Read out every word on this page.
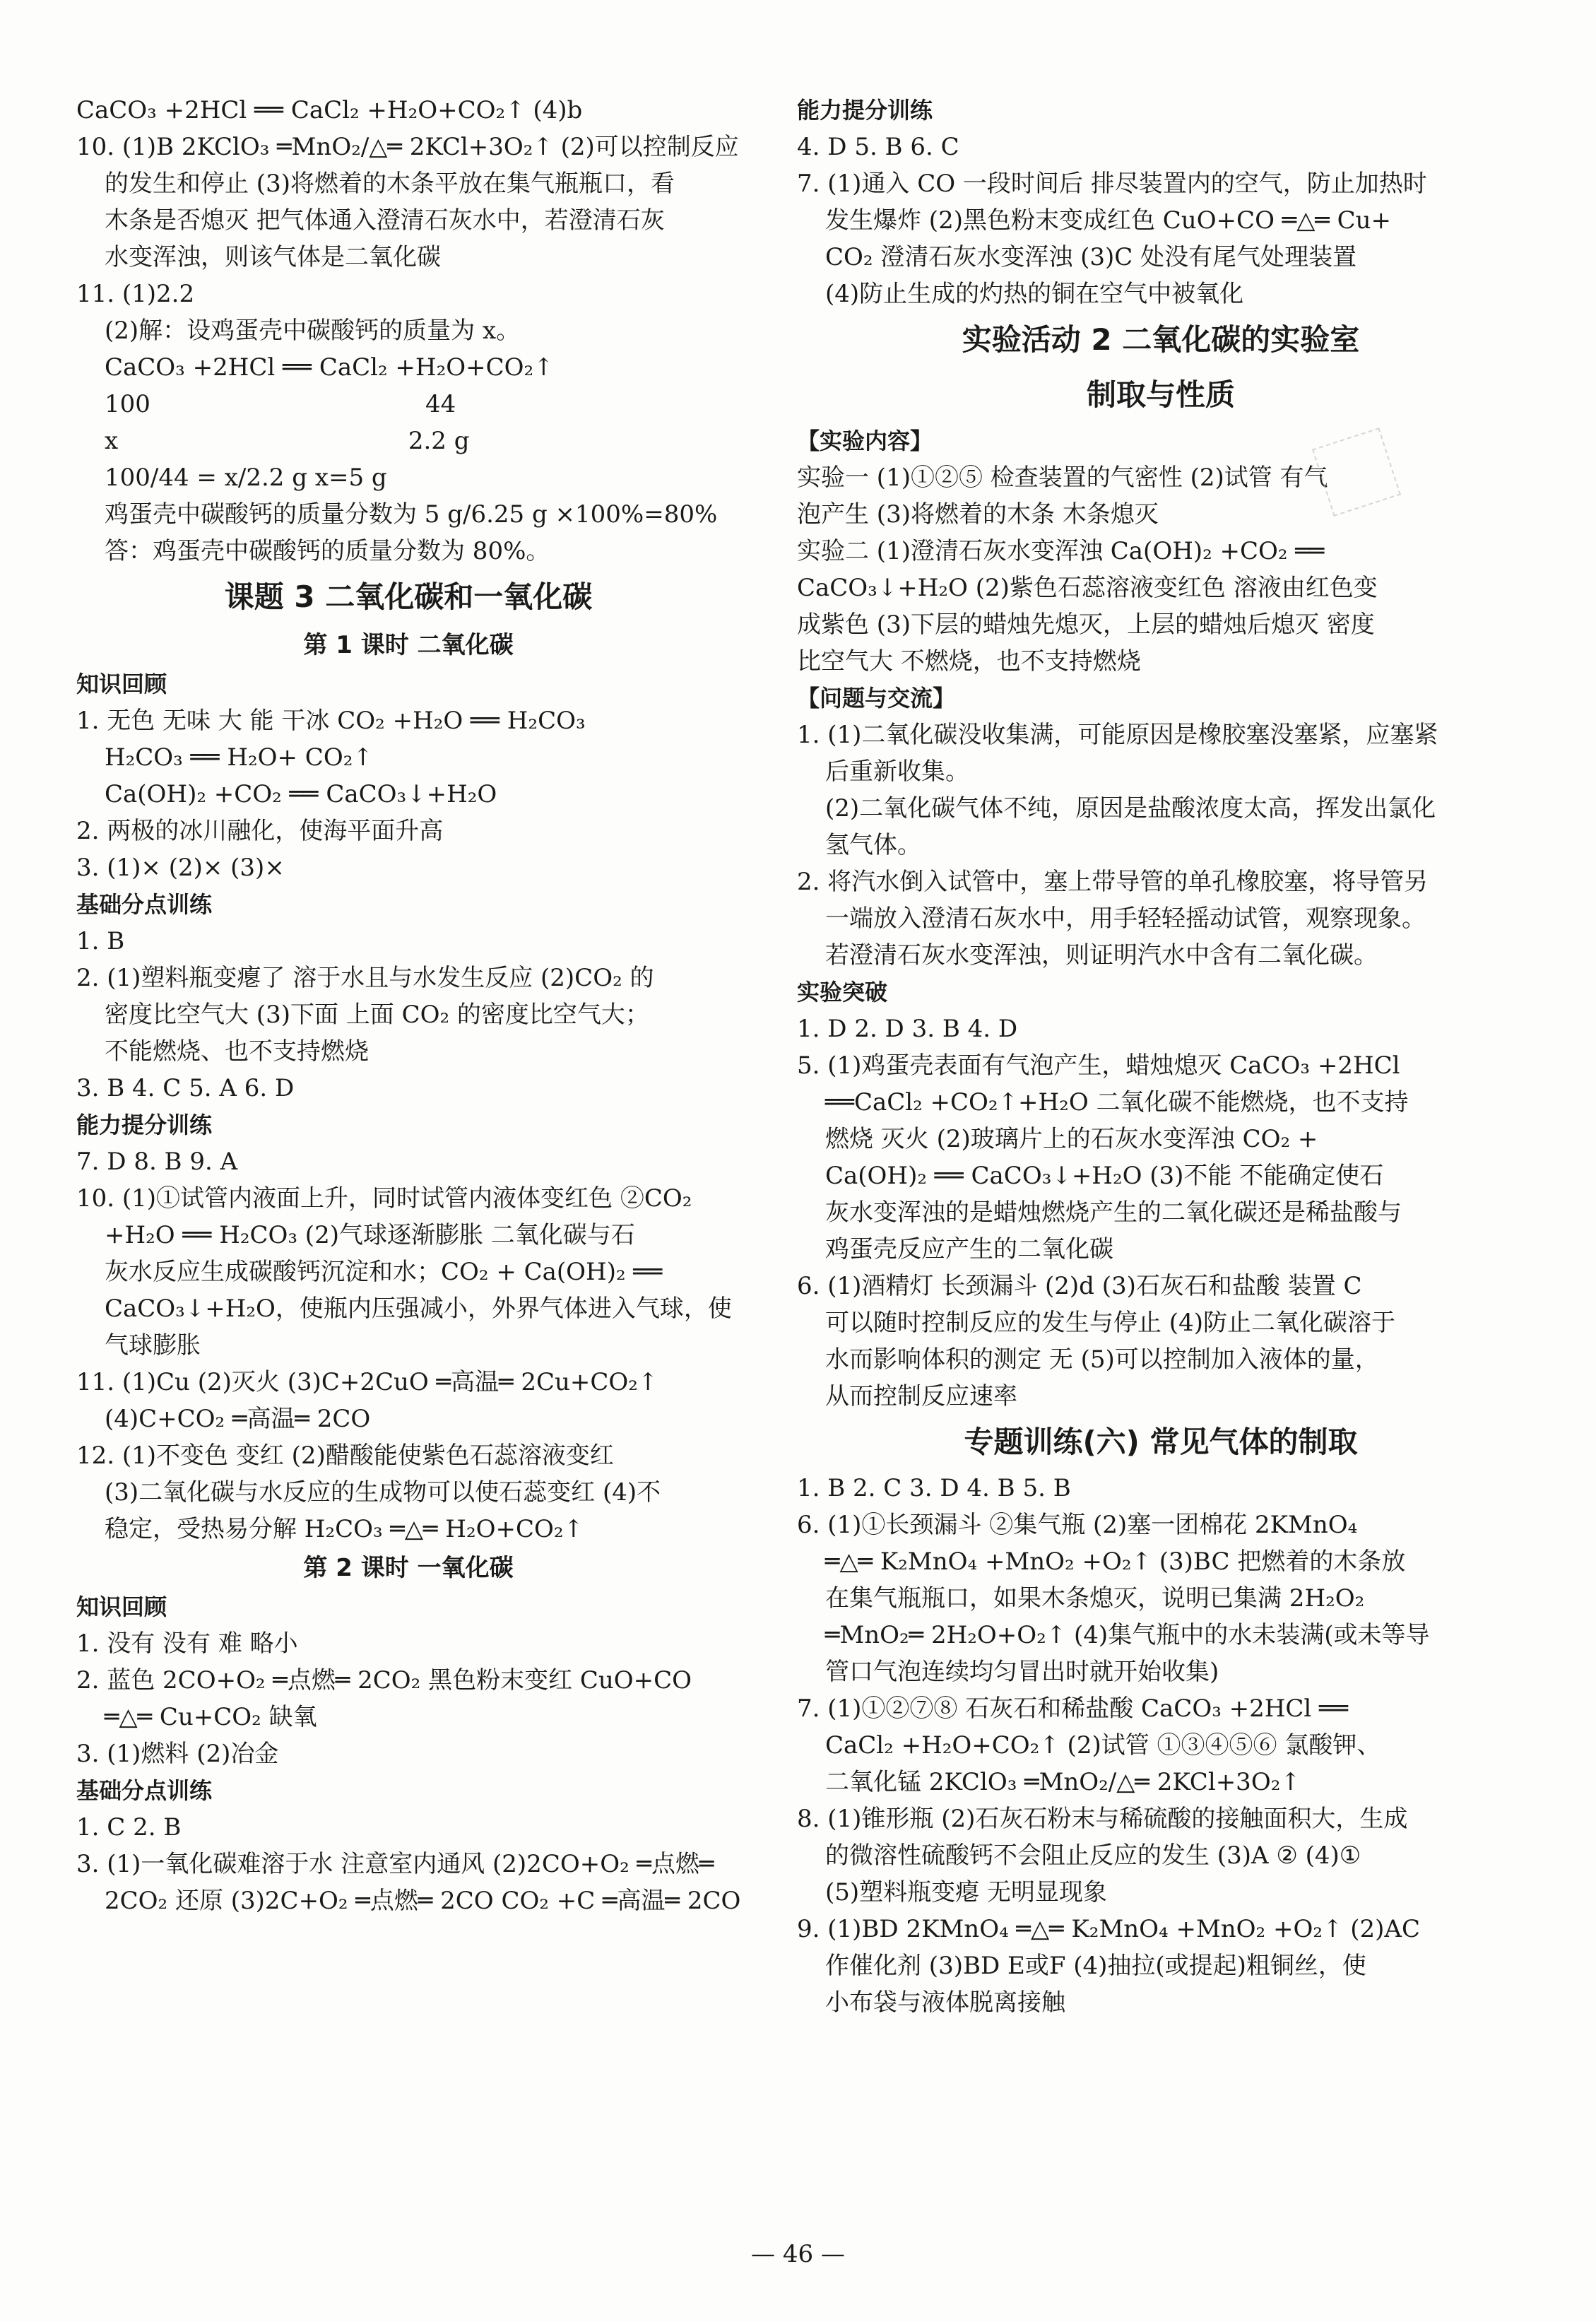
CaCO₃ +2HCl ══ CaCl₂ +H₂O+CO₂↑ (4)b
10. (1)B 2KClO₃ ═MnO₂/△═ 2KCl+3O₂↑ (2)可以控制反应
的发生和停止 (3)将燃着的木条平放在集气瓶瓶口，看
木条是否熄灭 把气体通入澄清石灰水中，若澄清石灰
水变浑浊，则该气体是二氧化碳
11. (1)2.2
(2)解：设鸡蛋壳中碳酸钙的质量为 x。
CaCO₃ +2HCl ══ CaCl₂ +H₂O+CO₂↑
100                                    44
x                                      2.2 g
100/44 = x/2.2 g x=5 g
鸡蛋壳中碳酸钙的质量分数为 5 g/6.25 g ×100%=80%
答：鸡蛋壳中碳酸钙的质量分数为 80%。
课题 3 二氧化碳和一氧化碳
第 1 课时 二氧化碳
知识回顾
1. 无色 无味 大 能 干冰 CO₂ +H₂O ══ H₂CO₃
H₂CO₃ ══ H₂O+ CO₂↑
Ca(OH)₂ +CO₂ ══ CaCO₃↓+H₂O
2. 两极的冰川融化，使海平面升高
3. (1)× (2)× (3)×
基础分点训练
1. B
2. (1)塑料瓶变瘪了 溶于水且与水发生反应 (2)CO₂ 的
密度比空气大 (3)下面 上面 CO₂ 的密度比空气大；
不能燃烧、也不支持燃烧
3. B 4. C 5. A 6. D
能力提分训练
7. D 8. B 9. A
10. (1)①试管内液面上升，同时试管内液体变红色 ②CO₂
+H₂O ══ H₂CO₃ (2)气球逐渐膨胀 二氧化碳与石
灰水反应生成碳酸钙沉淀和水；CO₂ + Ca(OH)₂ ══
CaCO₃↓+H₂O，使瓶内压强减小，外界气体进入气球，使
气球膨胀
11. (1)Cu (2)灭火 (3)C+2CuO ═高温═ 2Cu+CO₂↑
(4)C+CO₂ ═高温═ 2CO
12. (1)不变色 变红 (2)醋酸能使紫色石蕊溶液变红
(3)二氧化碳与水反应的生成物可以使石蕊变红 (4)不
稳定，受热易分解 H₂CO₃ ═△═ H₂O+CO₂↑
第 2 课时 一氧化碳
知识回顾
1. 没有 没有 难 略小
2. 蓝色 2CO+O₂ ═点燃═ 2CO₂ 黑色粉末变红 CuO+CO
═△═ Cu+CO₂ 缺氧
3. (1)燃料 (2)冶金
基础分点训练
1. C 2. B
3. (1)一氧化碳难溶于水 注意室内通风 (2)2CO+O₂ ═点燃═
2CO₂ 还原 (3)2C+O₂ ═点燃═ 2CO CO₂ +C ═高温═ 2CO
能力提分训练
4. D 5. B 6. C
7. (1)通入 CO 一段时间后 排尽装置内的空气，防止加热时
发生爆炸 (2)黑色粉末变成红色 CuO+CO ═△═ Cu+
CO₂ 澄清石灰水变浑浊 (3)C 处没有尾气处理装置
(4)防止生成的灼热的铜在空气中被氧化
实验活动 2 二氧化碳的实验室
制取与性质
【实验内容】
实验一 (1)①②⑤ 检查装置的气密性 (2)试管 有气
泡产生 (3)将燃着的木条 木条熄灭
实验二 (1)澄清石灰水变浑浊 Ca(OH)₂ +CO₂ ══
CaCO₃↓+H₂O (2)紫色石蕊溶液变红色 溶液由红色变
成紫色 (3)下层的蜡烛先熄灭，上层的蜡烛后熄灭 密度
比空气大 不燃烧，也不支持燃烧
【问题与交流】
1. (1)二氧化碳没收集满，可能原因是橡胶塞没塞紧，应塞紧
后重新收集。
(2)二氧化碳气体不纯，原因是盐酸浓度太高，挥发出氯化
氢气体。
2. 将汽水倒入试管中，塞上带导管的单孔橡胶塞，将导管另
一端放入澄清石灰水中，用手轻轻摇动试管，观察现象。
若澄清石灰水变浑浊，则证明汽水中含有二氧化碳。
实验突破
1. D 2. D 3. B 4. D
5. (1)鸡蛋壳表面有气泡产生，蜡烛熄灭 CaCO₃ +2HCl
══CaCl₂ +CO₂↑+H₂O 二氧化碳不能燃烧，也不支持
燃烧 灭火 (2)玻璃片上的石灰水变浑浊 CO₂ +
Ca(OH)₂ ══ CaCO₃↓+H₂O (3)不能 不能确定使石
灰水变浑浊的是蜡烛燃烧产生的二氧化碳还是稀盐酸与
鸡蛋壳反应产生的二氧化碳
6. (1)酒精灯 长颈漏斗 (2)d (3)石灰石和盐酸 装置 C
可以随时控制反应的发生与停止 (4)防止二氧化碳溶于
水而影响体积的测定 无 (5)可以控制加入液体的量，
从而控制反应速率
专题训练(六) 常见气体的制取
1. B 2. C 3. D 4. B 5. B
6. (1)①长颈漏斗 ②集气瓶 (2)塞一团棉花 2KMnO₄
═△═ K₂MnO₄ +MnO₂ +O₂↑ (3)BC 把燃着的木条放
在集气瓶瓶口，如果木条熄灭，说明已集满 2H₂O₂
═MnO₂═ 2H₂O+O₂↑ (4)集气瓶中的水未装满(或未等导
管口气泡连续均匀冒出时就开始收集)
7. (1)①②⑦⑧ 石灰石和稀盐酸 CaCO₃ +2HCl ══
CaCl₂ +H₂O+CO₂↑ (2)试管 ①③④⑤⑥ 氯酸钾、
二氧化锰 2KClO₃ ═MnO₂/△═ 2KCl+3O₂↑
8. (1)锥形瓶 (2)石灰石粉末与稀硫酸的接触面积大，生成
的微溶性硫酸钙不会阻止反应的发生 (3)A ② (4)①
(5)塑料瓶变瘪 无明显现象
9. (1)BD 2KMnO₄ ═△═ K₂MnO₄ +MnO₂ +O₂↑ (2)AC
作催化剂 (3)BD E或F (4)抽拉(或提起)粗铜丝，使
小布袋与液体脱离接触
— 46 —
